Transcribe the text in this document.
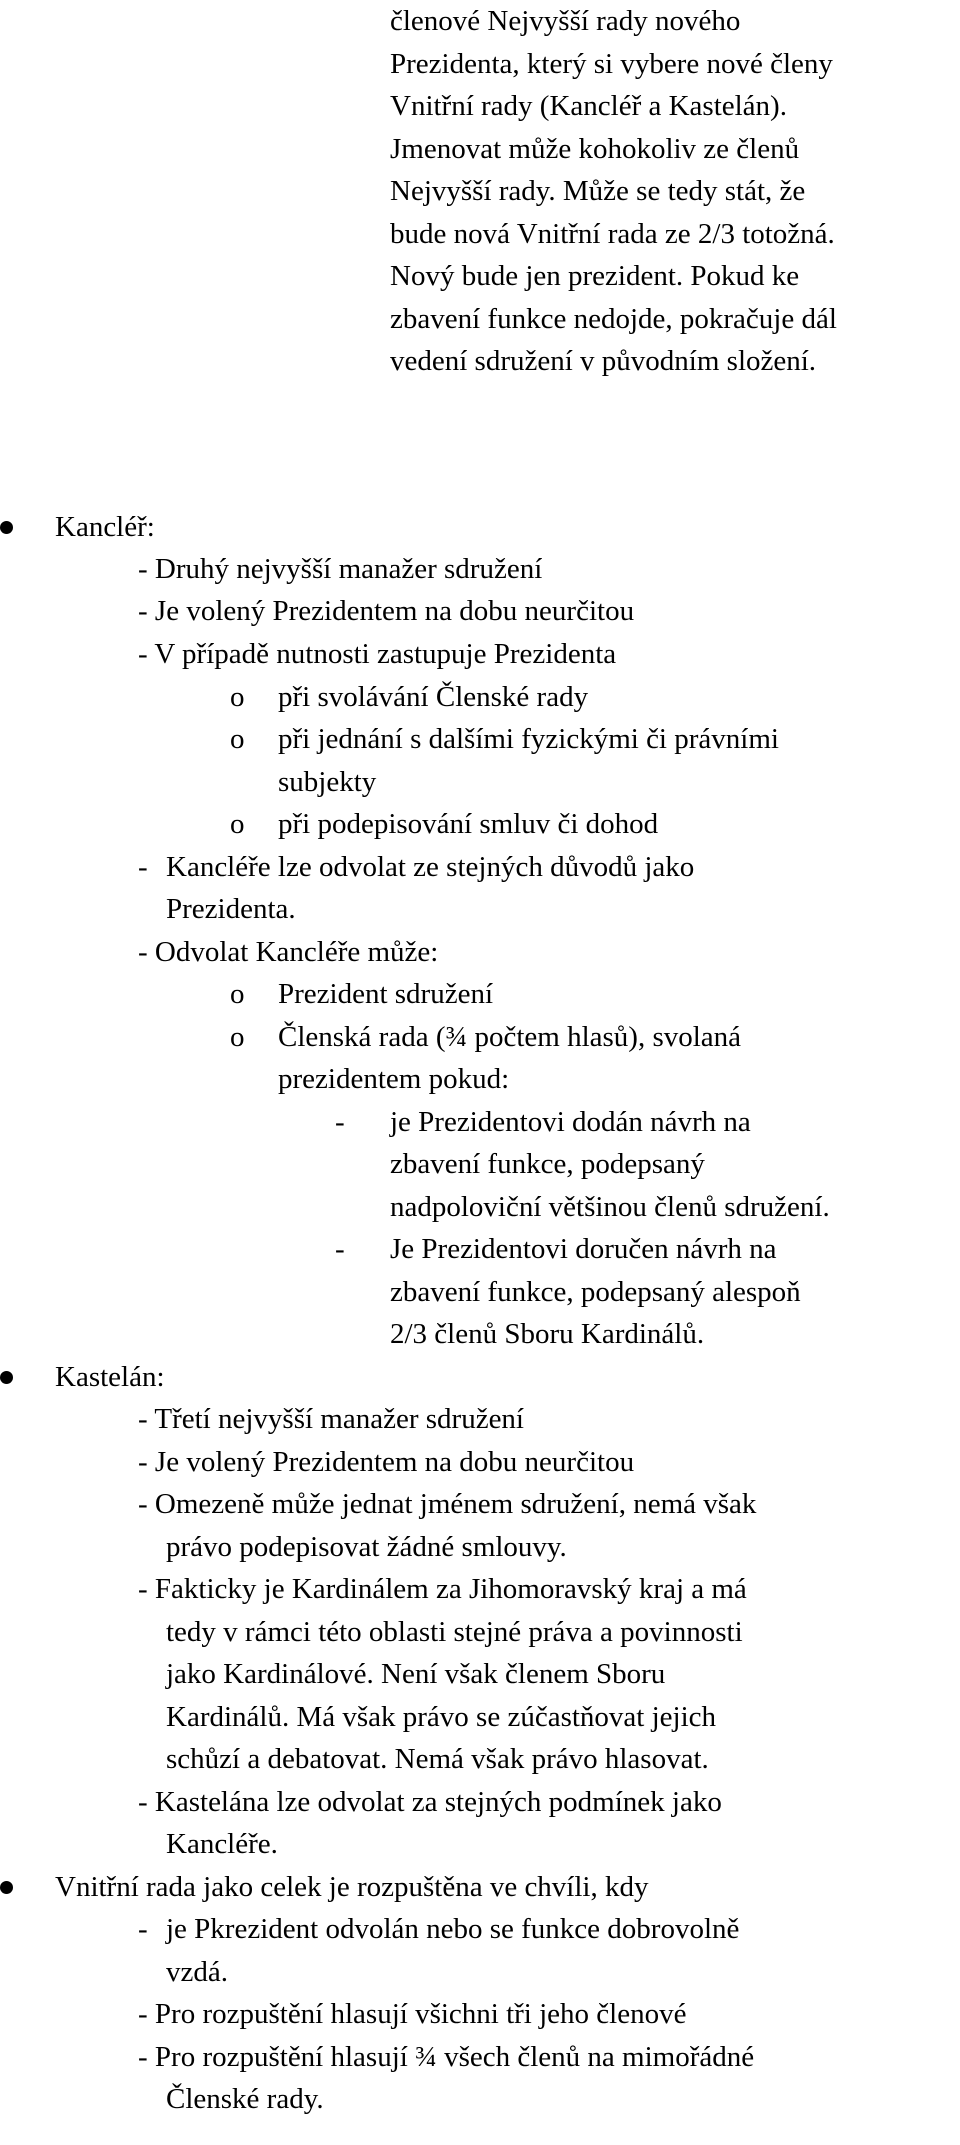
členové Nejvyšší rady nového
Prezidenta, který si vybere nové členy
Vnitřní rady (Kancléř a Kastelán).
Jmenovat může kohokoliv ze členů
Nejvyšší rady. Může se tedy stát, že
bude nová Vnitřní rada ze 2/3 totožná.
Nový bude jen prezident. Pokud ke
zbavení funkce nedojde, pokračuje dál
vedení sdružení v původním složení.
Kancléř:
- Druhý nejvyšší manažer sdružení
- Je volený Prezidentem na dobu neurčitou
- V případě nutnosti zastupuje Prezidenta
o při svolávání Členské rady
o při jednání s dalšími fyzickými či právními
subjekty
o při podepisování smluv či dohod
- Kancléře lze odvolat ze stejných důvodů jako
Prezidenta.
- Odvolat Kancléře může:
o Prezident sdružení
o Členská rada (¾ počtem hlasů), svolaná
prezidentem pokud:
- je Prezidentovi dodán návrh na
zbavení funkce, podepsaný
nadpoloviční většinou členů sdružení.
- Je Prezidentovi doručen návrh na
zbavení funkce, podepsaný alespoň
2/3 členů Sboru Kardinálů.
Kastelán:
- Třetí nejvyšší manažer sdružení
- Je volený Prezidentem na dobu neurčitou
- Omezeně může jednat jménem sdružení, nemá však
právo podepisovat žádné smlouvy.
- Fakticky je Kardinálem za Jihomoravský kraj a má
tedy v rámci této oblasti stejné práva a povinnosti
jako Kardinálové. Není však členem Sboru
Kardinálů. Má však právo se zúčastňovat jejich
schůzí a debatovat. Nemá však právo hlasovat.
- Kastelána lze odvolat za stejných podmínek jako
Kancléře.
Vnitřní rada jako celek je rozpuštěna ve chvíli, kdy
- je Pkrezident odvolán nebo se funkce dobrovolně
vzdá.
- Pro rozpuštění hlasují všichni tři jeho členové
- Pro rozpuštění hlasují ¾ všech členů na mimořádné
Členské rady.
